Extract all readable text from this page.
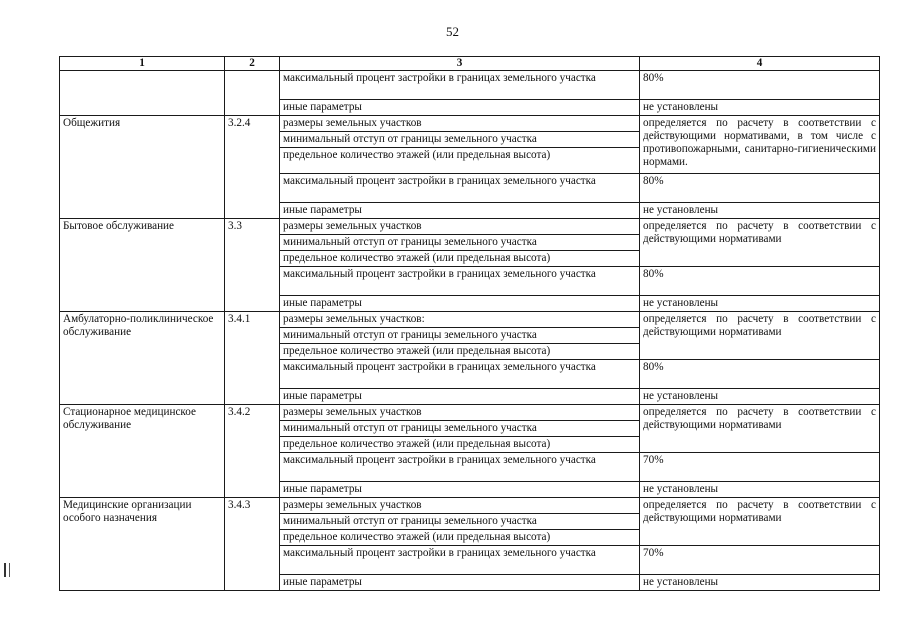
52
1	2	3	4
		максимальный процент застройки в границах земельного участка	80%
		иные параметры	не установлены
Общежития	3.2.4	размеры земельных участков	определяется по расчету в соответствии с действующими нормативами, в том числе с противопожарными, санитарно-гигиеническими нормами.
		минимальный отступ от границы земельного участка	
		предельное количество этажей (или предельная высота)	
		максимальный процент застройки в границах земельного участка	80%
		иные параметры	не установлены
Бытовое обслуживание	3.3	размеры земельных участков	определяется по расчету в соответствии с действующими нормативами
		минимальный отступ от границы земельного участка	
		предельное количество этажей (или предельная высота)	
		максимальный процент застройки в границах земельного участка	80%
		иные параметры	не установлены
Амбулаторно-поликлиническое обслуживание	3.4.1	размеры земельных участков:	определяется по расчету в соответствии с действующими нормативами
		минимальный отступ от границы земельного участка	
		предельное количество этажей (или предельная высота)	
		максимальный процент застройки в границах земельного участка	80%
		иные параметры	не установлены
Стационарное медицинское обслуживание	3.4.2	размеры земельных участков	определяется по расчету в соответствии с действующими нормативами
		минимальный отступ от границы земельного участка	
		предельное количество этажей (или предельная высота)	
		максимальный процент застройки в границах земельного участка	70%
		иные параметры	не установлены
Медицинские организации особого назначения	3.4.3	размеры земельных участков	определяется по расчету в соответствии с действующими нормативами
		минимальный отступ от границы земельного участка	
		предельное количество этажей (или предельная высота)	
		максимальный процент застройки в границах земельного участка	70%
		иные параметры	не установлены
